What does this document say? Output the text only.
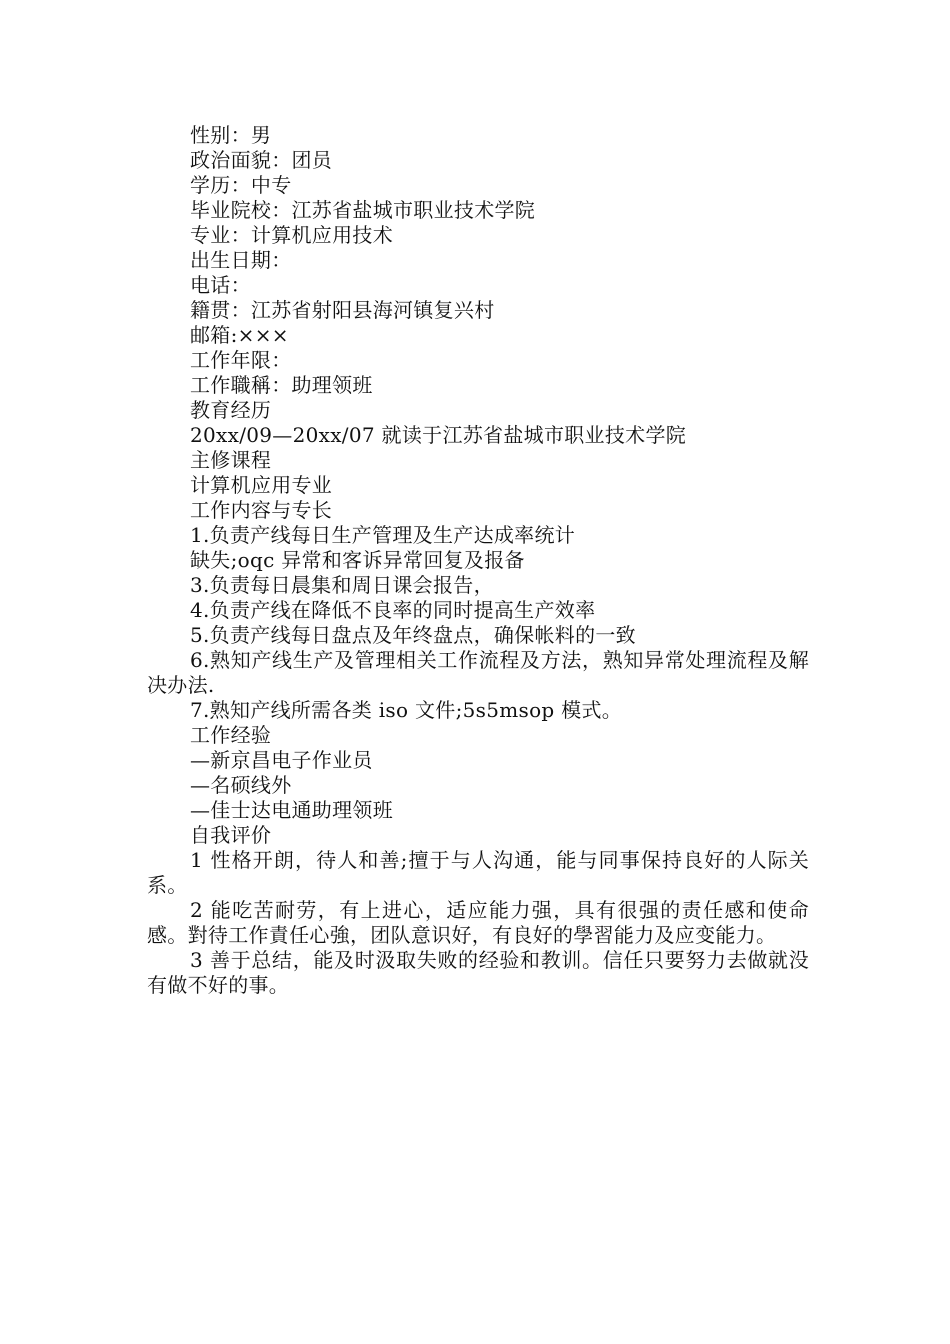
性别：男

政治面貌：团员

学历：中专

毕业院校：江苏省盐城市职业技术学院

专业：计算机应用技术

出生日期：

电话：

籍贯：江苏省射阳县海河镇复兴村

邮箱:×××

工作年限：

工作職稱：助理领班

教育经历

20xx/09—20xx/07 就读于江苏省盐城市职业技术学院

主修课程

计算机应用专业

工作内容与专长

1.负责产线每日生产管理及生产达成率统计

缺失;oqc 异常和客诉异常回复及报备

3.负责每日晨集和周日课会报告，

4.负责产线在降低不良率的同时提高生产效率

5.负责产线每日盘点及年终盘点，确保帐料的一致

6.熟知产线生产及管理相关工作流程及方法，熟知异常处理流程及解决办法.

7.熟知产线所需各类 iso 文件;5s5msop 模式。

工作经验

—新京昌电子作业员

—名硕线外

—佳士达电通助理领班

自我评价

1 性格开朗，待人和善;擅于与人沟通，能与同事保持良好的人际关系。

2 能吃苦耐劳，有上进心，适应能力强，具有很强的责任感和使命感。對待工作責任心強，团队意识好，有良好的學習能力及应变能力。

3 善于总结，能及时汲取失败的经验和教训。信任只要努力去做就没有做不好的事。
